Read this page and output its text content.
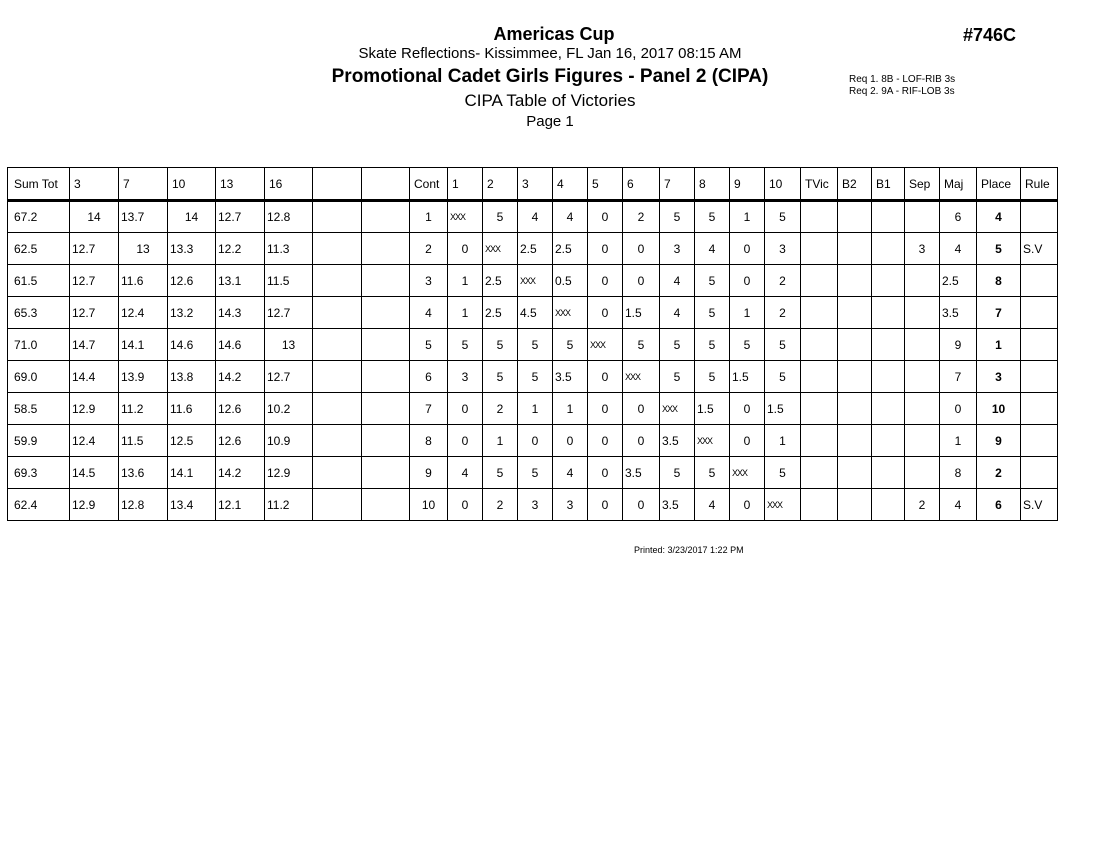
Americas Cup
Skate Reflections- Kissimmee, FL Jan 16, 2017 08:15 AM
Promotional Cadet Girls Figures - Panel 2 (CIPA)
CIPA Table of Victories
Page 1
#746C
Req 1. 8B - LOF-RIB 3s
Req 2. 9A - RIF-LOB 3s
Sum Tot	3	7	10	13	16			Cont	1	2	3	4	5	6	7	8	9	10	TVic	B2	B1	Sep	Maj	Place	Rule
67.2	14	13.7	14	12.7	12.8			1	XXX	5	4	4	0	2	5	5	1	5					6	4	
62.5	12.7	13	13.3	12.2	11.3			2	0	XXX	2.5	2.5	0	0	3	4	0	3				3	4	5	S.V
61.5	12.7	11.6	12.6	13.1	11.5			3	1	2.5	XXX	0.5	0	0	4	5	0	2					2.5	8	
65.3	12.7	12.4	13.2	14.3	12.7			4	1	2.5	4.5	XXX	0	1.5	4	5	1	2					3.5	7	
71.0	14.7	14.1	14.6	14.6	13			5	5	5	5	5	XXX	5	5	5	5	5					9	1	
69.0	14.4	13.9	13.8	14.2	12.7			6	3	5	5	3.5	0	XXX	5	5	1.5	5					7	3	
58.5	12.9	11.2	11.6	12.6	10.2			7	0	2	1	1	0	0	XXX	1.5	0	1.5					0	10	
59.9	12.4	11.5	12.5	12.6	10.9			8	0	1	0	0	0	0	3.5	XXX	0	1					1	9	
69.3	14.5	13.6	14.1	14.2	12.9			9	4	5	5	4	0	3.5	5	5	XXX	5					8	2	
62.4	12.9	12.8	13.4	12.1	11.2			10	0	2	3	3	0	0	3.5	4	0	XXX				2	4	6	S.V
Printed: 3/23/2017 1:22 PM
